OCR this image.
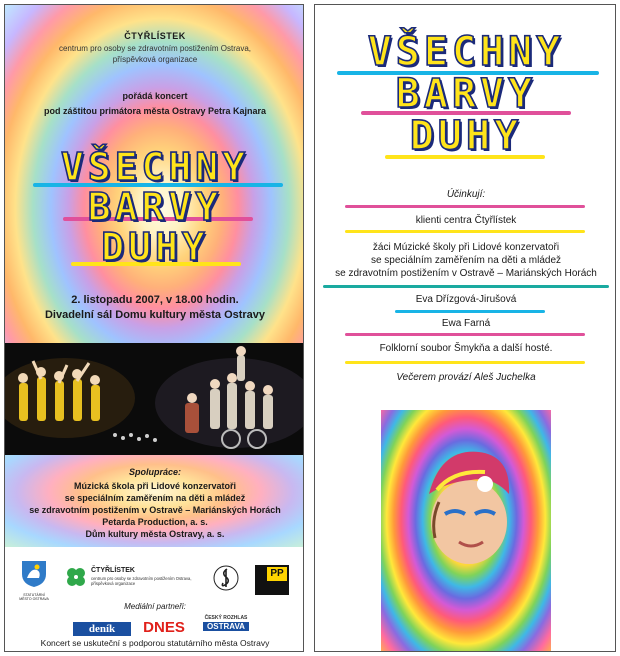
ČTYŘLÍSTEK
centrum pro osoby se zdravotním postižením Ostrava,
příspěvková organizace
pořádá koncert
pod záštitou primátora města Ostravy Petra Kajnara
VŠECHNY
BARVY
DUHY
2. listopadu 2007, v 18.00 hodin.
Divadelní sál Domu kultury města Ostravy
Spolupráce:
Múzická škola při Lidové konzervatoři
se speciálním zaměřením na děti a mládež
se zdravotním postižením v Ostravě – Mariánských Horách
Petarda Production, a. s.
Dům kultury města Ostravy, a. s.
STATUTÁRNÍ MĚSTO OSTRAVA
ČTYŘLÍSTEK
centrum pro osoby se zdravotním postižením Ostrava, příspěvková organizace
PP
Mediální partneři:
deník	DNES
ČESKÝ ROZHLAS
OSTRAVA
Koncert se uskuteční s podporou statutárního města Ostravy
VŠECHNY
BARVY
DUHY
Účinkují:
klienti centra Čtyřlístek
žáci Múzické školy při Lidové konzervatoři
se speciálním zaměřením na děti a mládež
se zdravotním postižením v Ostravě – Mariánských Horách
Eva Dřízgová-Jirušová
Ewa Farná
Folklorní soubor Šmykňa a další hosté.
Večerem provází Aleš Juchelka
